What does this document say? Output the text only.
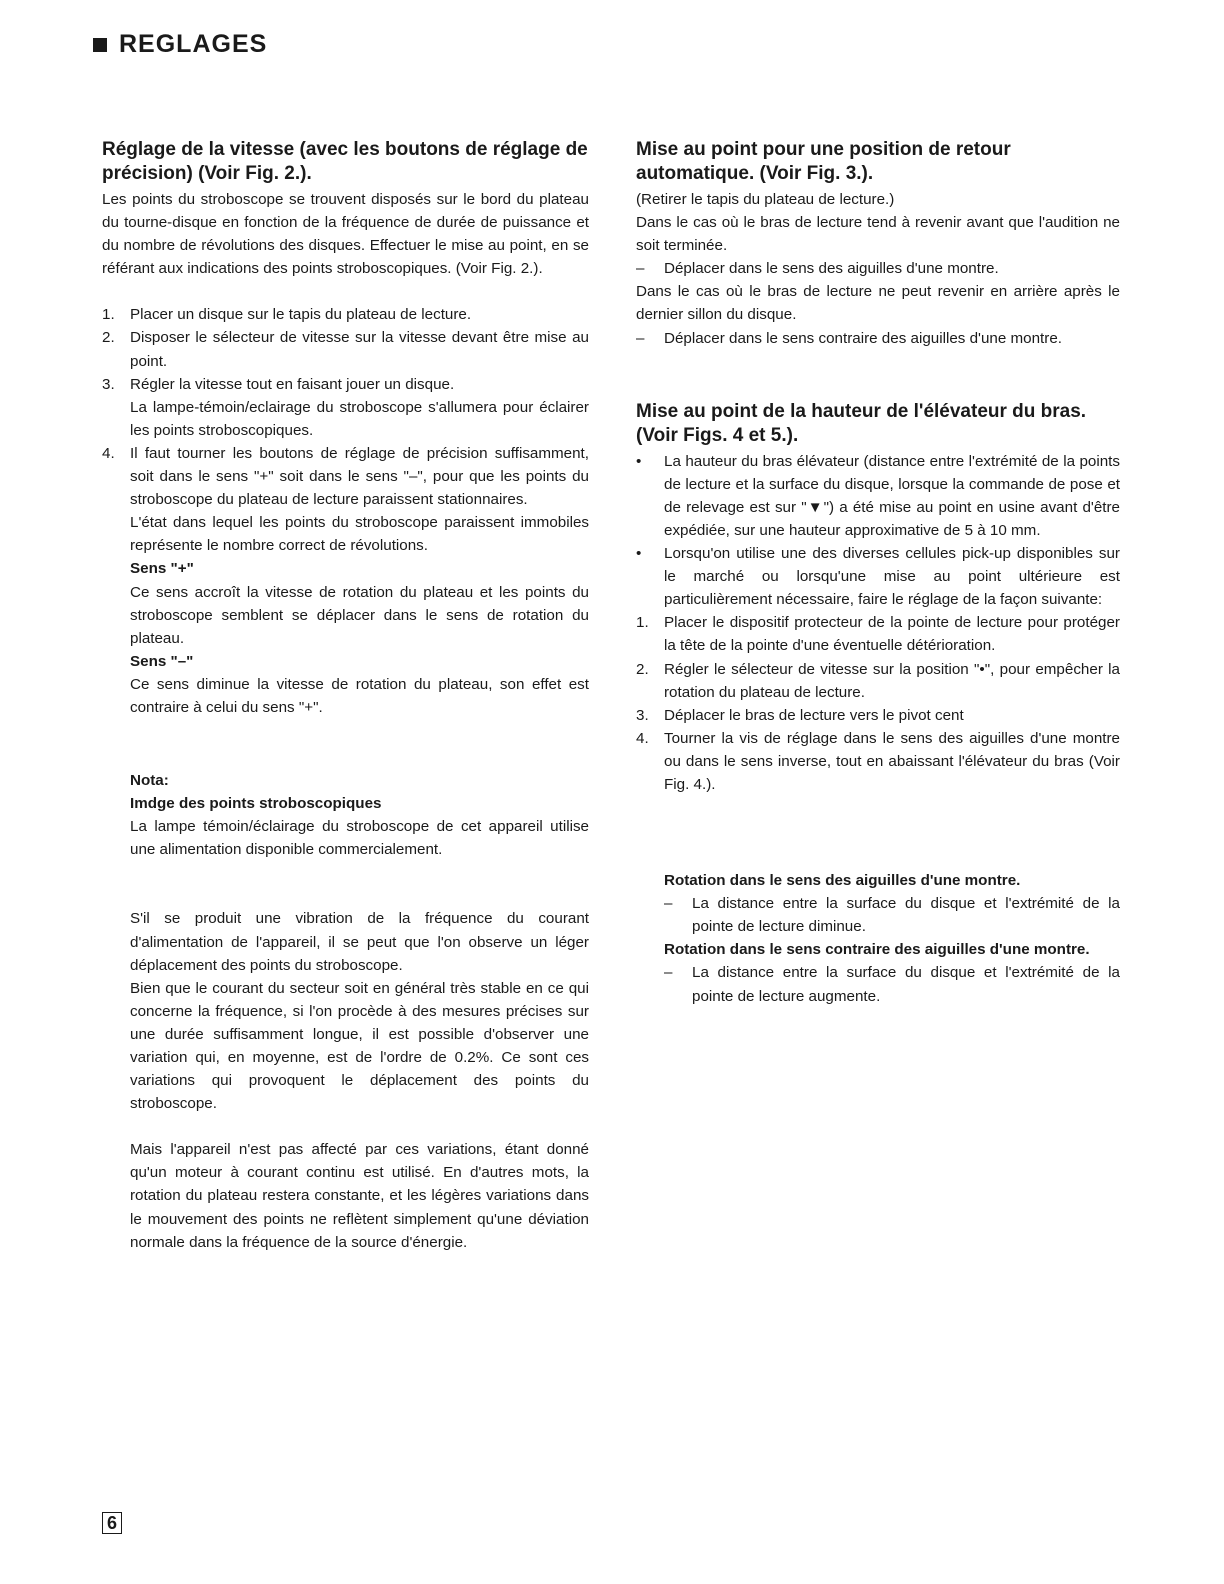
REGLAGES
Réglage de la vitesse (avec les boutons de réglage de précision) (Voir Fig. 2.).

Les points du stroboscope se trouvent disposés sur le bord du plateau du tourne-disque en fonction de la fréquence de durée de puissance et du nombre de révolutions des disques. Effectuer le mise au point, en se référant aux indications des points stroboscopiques. (Voir Fig. 2.).

1.	Placer un disque sur le tapis du plateau de lecture.
2.	Disposer le sélecteur de vitesse sur la vitesse devant être mise au point.
3.	Régler la vitesse tout en faisant jouer un disque.

La lampe-témoin/eclairage du stroboscope s'allumera pour éclairer les points stroboscopiques.

4.	Il faut tourner les boutons de réglage de précision suffisamment, soit dans le sens "+" soit dans le sens "–", pour que les points du stroboscope du plateau de lecture paraissent stationnaires.

L'état dans lequel les points du stroboscope paraissent immobiles représente le nombre correct de révolutions.

Sens "+"

Ce sens accroît la vitesse de rotation du plateau et les points du stroboscope semblent se déplacer dans le sens de rotation du plateau.

Sens "–"

Ce sens diminue la vitesse de rotation du plateau, son effet est contraire à celui du sens "+".

Nota:

Imdge des points stroboscopiques

La lampe témoin/éclairage du stroboscope de cet appareil utilise une alimentation disponible commercialement.

S'il se produit une vibration de la fréquence du courant d'alimentation de l'appareil, il se peut que l'on observe un léger déplacement des points du stroboscope.

Bien que le courant du secteur soit en général très stable en ce qui concerne la fréquence, si l'on procède à des mesures précises sur une durée suffisamment longue, il est possible d'observer une variation qui, en moyenne, est de l'ordre de 0.2%. Ce sont ces variations qui provoquent le déplacement des points du stroboscope.

Mais l'appareil n'est pas affecté par ces variations, étant donné qu'un moteur à courant continu est utilisé. En d'autres mots, la rotation du plateau restera constante, et les légères variations dans le mouvement des points ne reflètent simplement qu'une déviation normale dans la fréquence de la source d'énergie.

Mise au point pour une position de retour automatique. (Voir Fig. 3.).

(Retirer le tapis du plateau de lecture.)

Dans le cas où le bras de lecture tend à revenir avant que l'audition ne soit terminée.

–	Déplacer dans le sens des aiguilles d'une montre.

Dans le cas où le bras de lecture ne peut revenir en arrière après le dernier sillon du disque.

–	Déplacer dans le sens contraire des aiguilles d'une montre.
Mise au point de la hauteur de l'élévateur du bras. (Voir Figs. 4 et 5.).
•	La hauteur du bras élévateur (distance entre l'extrémité de la points de lecture et la surface du disque, lorsque la commande de pose et de relevage est sur "▼") a été mise au point en usine avant d'être expédiée, sur une hauteur approximative de 5 à 10 mm.
•	Lorsqu'on utilise une des diverses cellules pick-up disponibles sur le marché ou lorsqu'une mise au point ultérieure est particulièrement nécessaire, faire le réglage de la façon suivante:
1.	Placer le dispositif protecteur de la pointe de lecture pour protéger la tête de la pointe d'une éventuelle détérioration.
2.	Régler le sélecteur de vitesse sur la position "•", pour empêcher la rotation du plateau de lecture.
3.	Déplacer le bras de lecture vers le pivot cent
4.	Tourner la vis de réglage dans le sens des aiguilles d'une montre ou dans le sens inverse, tout en abaissant l'élévateur du bras (Voir Fig. 4.).

Rotation dans le sens des aiguilles d'une montre.

–	La distance entre la surface du disque et l'extrémité de la pointe de lecture diminue.

Rotation dans le sens contraire des aiguilles d'une montre.

–	La distance entre la surface du disque et l'extrémité de la pointe de lecture augmente.
6
